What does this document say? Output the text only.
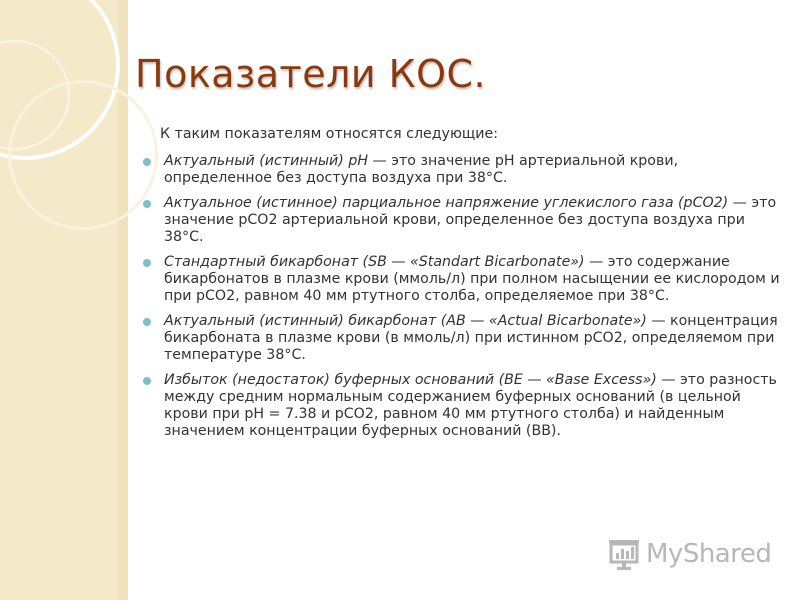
Показатели КОС.

К таким показателям относятся следующие:

Актуальный (истинный) pH — это значение pH артериальной крови, определенное без доступа воздуха при 38°С.
Актуальное (истинное) парциальное напряжение углекислого газа (рСО2) — это значение рСО2 артериальной крови, определенное без доступа воздуха при 38°С.
Стандартный бикарбонат (SB — «Standart Bicarbonate») — это содержание бикарбонатов в плазме крови (ммоль/л) при полном насыщении ее кислородом и при рСО2, равном 40 мм ртутного столба, определяемое при 38°С.
Актуальный (истинный) бикарбонат (АВ — «Actual Bicarbonate») — концентрация бикарбоната в плазме крови (в ммоль/л) при истинном рСО2, определяемом при температуре 38°С.
Избыток (недостаток) буферных оснований (ВЕ — «Base Excess») — это разность между средним нормальным содержанием буферных оснований (в цельной крови при рН = 7.38 и рСО2, равном 40 мм ртутного столба) и найденным значением концентрации буферных оснований (ВВ).
MyShared
